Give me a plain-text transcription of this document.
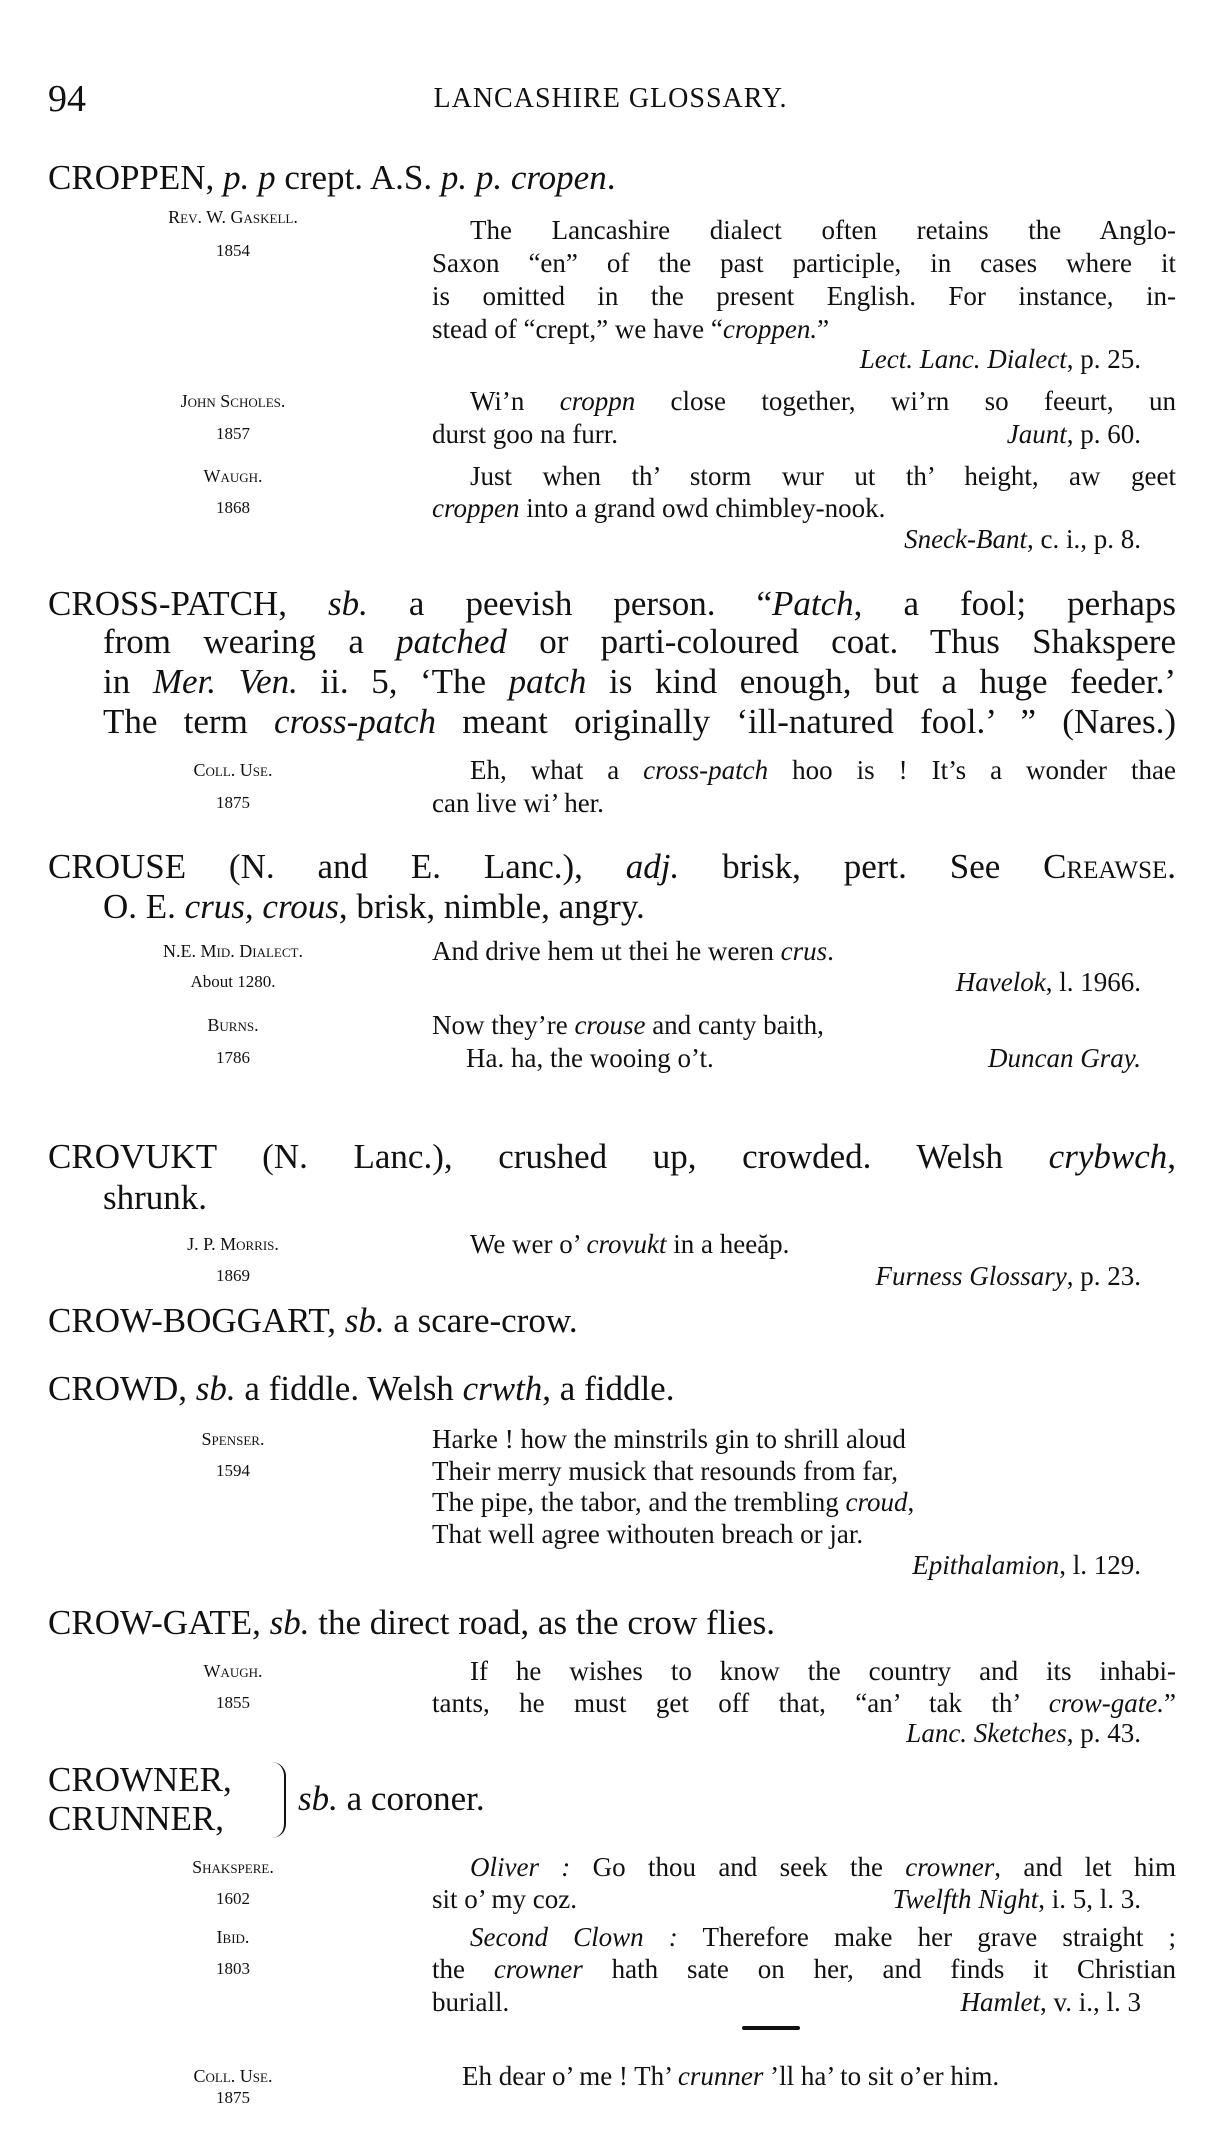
94	LANCASHIRE GLOSSARY.
CROPPEN, p. p crept. A.S. p. p. cropen.
Rev. W. Gaskell.
1854
The Lancashire dialect often retains the Anglo-
Saxon “en” of the past participle, in cases where it
is omitted in the present English. For instance, in-
stead of “crept,” we have “croppen.”
Lect. Lanc. Dialect, p. 25.
John Scholes.
1857
Wi’n croppn close together, wi’rn so feeurt, un
durst goo na furr.	Jaunt, p. 60.
Waugh.
1868
Just when th’ storm wur ut th’ height, aw geet
croppen into a grand owd chimbley-nook.
Sneck-Bant, c. i., p. 8.
CROSS-PATCH, sb. a peevish person. “Patch, a fool; perhaps
from wearing a patched or parti-coloured coat. Thus Shakspere
in Mer. Ven. ii. 5, ‘The patch is kind enough, but a huge feeder.’
The term cross-patch meant originally ‘ill-natured fool.’ ” (Nares.)
Coll. Use.
1875
Eh, what a cross-patch hoo is ! It’s a wonder thae
can live wi’ her.
CROUSE (N. and E. Lanc.), adj. brisk, pert. See Creawse.
O. E. crus, crous, brisk, nimble, angry.
N.E. Mid. Dialect.
About 1280.
And drive hem ut thei he weren crus.
Havelok, l. 1966.
Burns.
1786
Now they’re crouse and canty baith,
Ha. ha, the wooing o’t.	Duncan Gray.
CROVUKT (N. Lanc.), crushed up, crowded. Welsh crybwch,
shrunk.
J. P. Morris.
1869
We wer o’ crovukt in a heeăp.
Furness Glossary, p. 23.
CROW-BOGGART, sb. a scare-crow.
CROWD, sb. a fiddle. Welsh crwth, a fiddle.
Spenser.
1594
Harke ! how the minstrils gin to shrill aloud
Their merry musick that resounds from far,
The pipe, the tabor, and the trembling croud,
That well agree withouten breach or jar.
Epithalamion, l. 129.
CROW-GATE, sb. the direct road, as the crow flies.
Waugh.
1855
If he wishes to know the country and its inhabi-
tants, he must get off that, “an’ tak th’ crow-gate.”
Lanc. Sketches, p. 43.
CROWNER,
CRUNNER,
sb. a coroner.
Shakspere.
1602
Oliver : Go thou and seek the crowner, and let him
sit o’ my coz.	Twelfth Night, i. 5, l. 3.
Ibid.
1803
Second Clown : Therefore make her grave straight ;
the crowner hath sate on her, and finds it Christian
buriall.	Hamlet, v. i., l. 3
Coll. Use.
1875
Eh dear o’ me ! Th’ crunner ’ll ha’ to sit o’er him.
